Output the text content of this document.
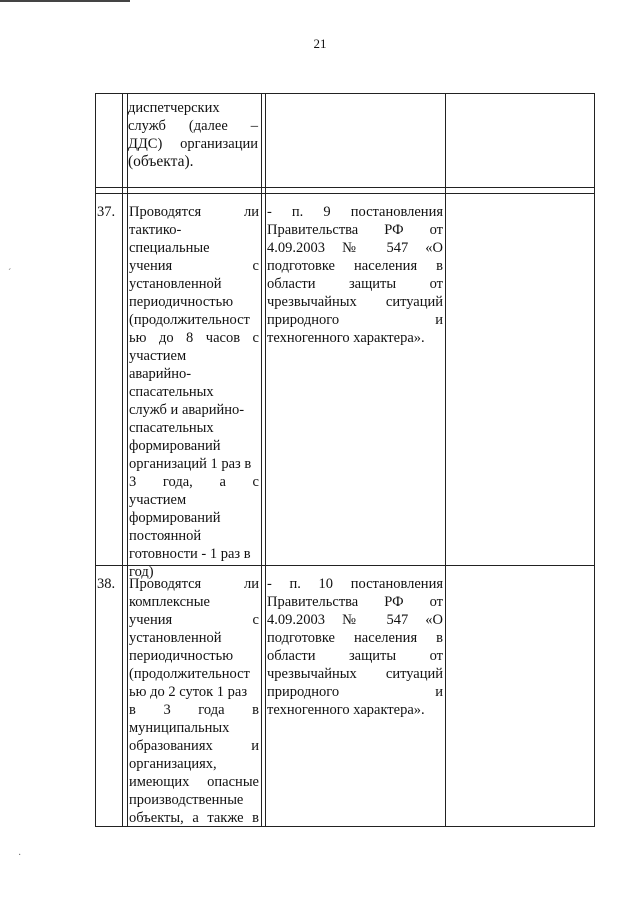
21
ˊ
·
диспетчерских
служб (далее –
ДДС) организации
(объекта).
37. Проводятся ли
тактико-
специальные
учения с
установленной
периодичностью
(продолжительност
ью до 8 часов с
участием
аварийно-
спасательных
служб и аварийно-
спасательных
формирований
организаций 1 раз в
3 года, а с
участием
формирований
постоянной
готовности - 1 раз в
год)
- п. 9 постановления
Правительства РФ от
4.09.2003 № 547 «О
подготовке населения в
области защиты от
чрезвычайных ситуаций
природного и
техногенного характера».
38. Проводятся ли
комплексные
учения с
установленной
периодичностью
(продолжительност
ью до 2 суток 1 раз
в 3 года в
муниципальных
образованиях и
организациях,
имеющих опасные
производственные
объекты, а также в
- п. 10 постановления
Правительства РФ от
4.09.2003 № 547 «О
подготовке населения в
области защиты от
чрезвычайных ситуаций
природного и
техногенного характера».
